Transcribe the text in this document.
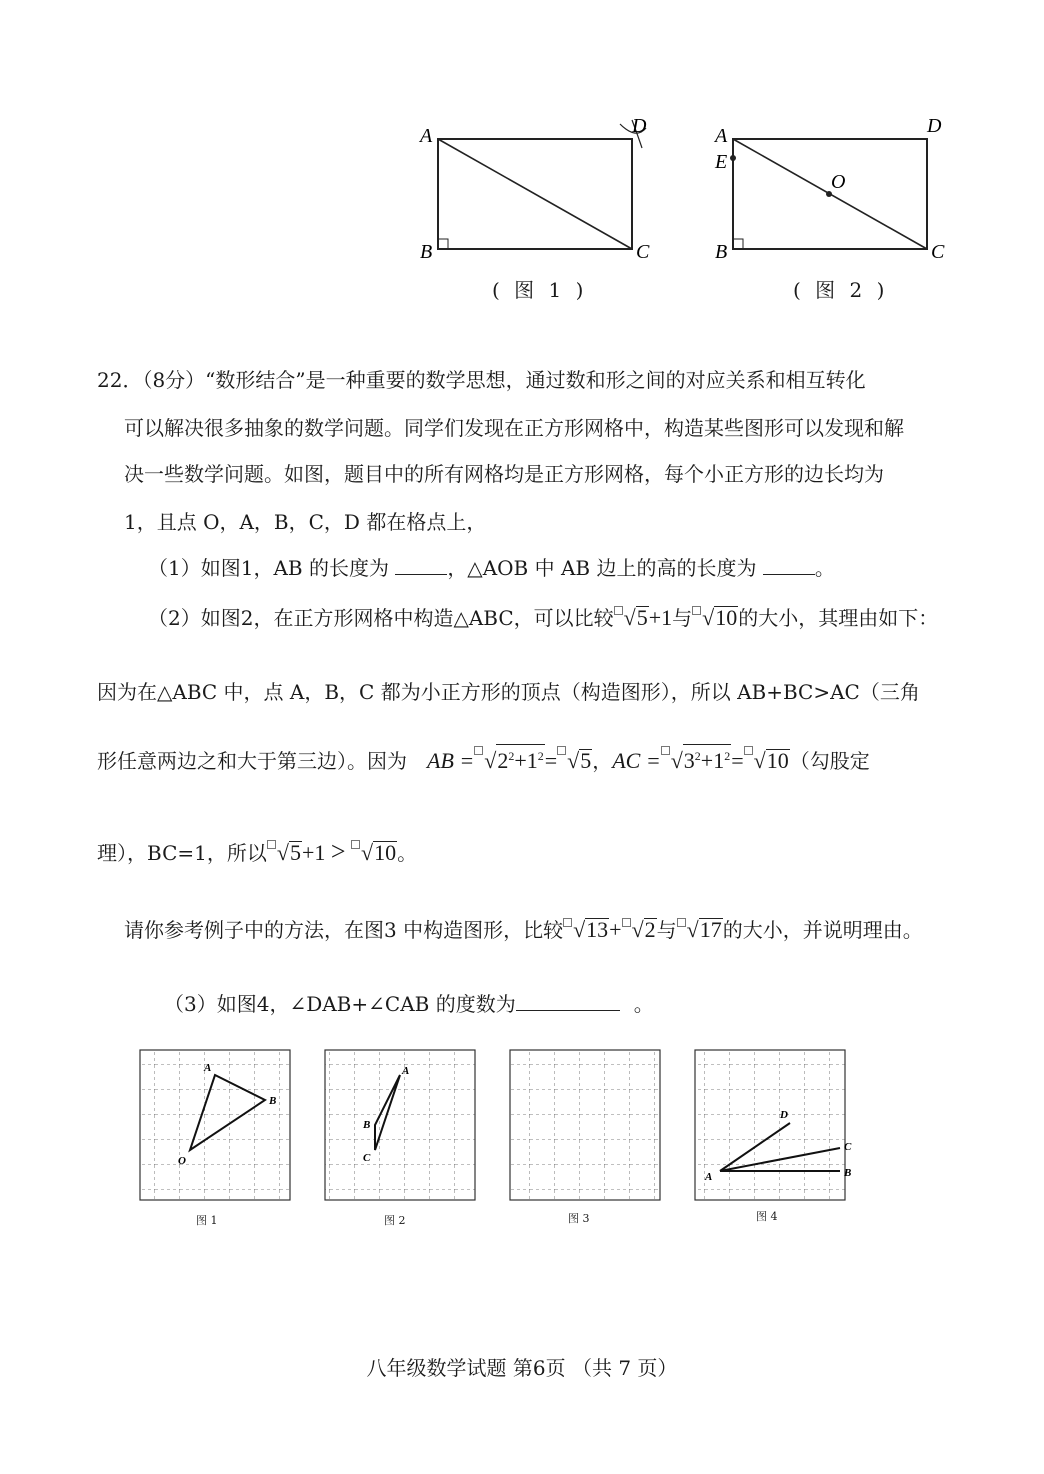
A
B	C
D
( 图 1 )
A
E
B	C
D
O
( 图 2 )
22．（8分）“数形结合”是一种重要的数学思想，通过数和形之间的对应关系和相互转化
可以解决很多抽象的数学问题。同学们发现在正方形网格中，构造某些图形可以发现和解
决一些数学问题。如图，题目中的所有网格均是正方形网格，每个小正方形的边长均为
1，且点 O，A，B，C，D 都在格点上，
（1）如图1，AB 的长度为	，△AOB 中 AB 边上的高的长度为	。
（2）如图2，在正方形网格中构造△ABC，可以比较 √5+1与 √10的大小，其理由如下：
因为在△ABC 中，点 A，B，C 都为小正方形的顶点（构造图形），所以 AB+BC>AC（三角
形任意两边之和大于第三边）。因为 AB = $√2^2+1^2= √5$，AC = $√3^2+1^2= √10$（勾股定
理），BC=1，所以 √5+1 > √10。
请你参考例子中的方法，在图3 中构造图形，比较 √13+ √2与 √17的大小，并说明理由。
（3）如图4，∠DAB+∠CAB 的度数为	。
A
B
O
A
B
C
A	B
C
D
图 1	图 2	图 3	图 4
八年级数学试题 第6页 （共 7 页）
